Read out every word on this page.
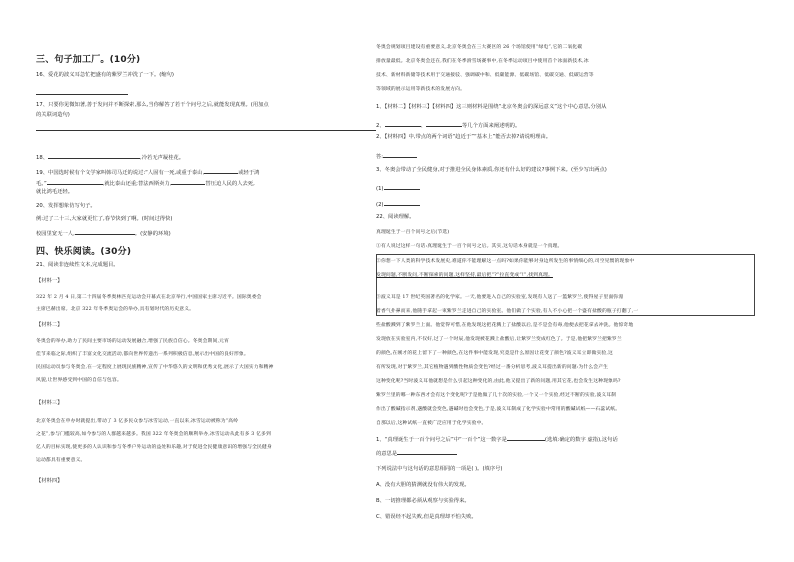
三、句子加工厂。(10分)
16、爱花的波义耳急忙把盛有的紫罗兰冲洗了一下。(缩句)
17、只要你见微知著,善于发问并不断探索,那么,当你解答了若干个问号之后,就能发现真理。(用加点
的关联词造句)
18、	,冷若无声凝桂花。
19、中国选时候有个文学家叫韩司马迁的说过:“人固有一死,或重于泰山,	或轻于鸿
毛。”	,就比泰山还重;替法西斯卖力,	替压迫人民的人去死,
就比鸿毛还轻。
20、发挥想象仿写句子。
例:过了二十三,大家就更忙了,春节快到了啊。(时间过得快)
校园里宽无一人,	。(安静的环境)
四、快乐阅读。(30分)
21、阅读非连续性文本,完成题目。
【材料一】
322 年 2 月 4 日,第二十四届冬季奥林匹克运动会开幕式在北京举行,中国国家主席习近平。国际奥委会
主席巴赫出席。北京 322 年冬季奥运会的举办,具有划时代的历史意义。
【材料二】
冬奥会的举办,助力了民间主要市场的运动发展融合,增强了民族自信心。冬奥会期间,元宵
佳节来临之际,组织了丰富文化交流活动,都向世界传递出一系列积极信息,展示出中国的良好形象。
民国运动员参与冬奥会,在一定程度上展现民族精神,宣传了中华悠久的文明和优秀文化,展示了大国实力和精神
风貌,让世界感受到中国的自信与包容。
【材料三】
北京冬奥会在申办时就提出,带动了 3 亿多民众参与冰雪运动,一直以来,冰雪运动被称为“高岭
之花”,参与门槛较高,如今参与的人群越来越多。我国 322 年冬奥会的顺利举办,冰雪运动从此有多 3 亿多到
亿人的目标实现,使更多的人认识和参与冬季户外运动的益处和乐趣,对于促进全民健康意识的增强与全民健身
运动都具有重要意义。
【材料四】
冬奥会规划项目建设有重要意义,北京冬奥会在三大赛区的 26 个场馆使用“绿电”,它的二氧化碳
排放量最低。北京冬奥会还在,我们在冬季滑雪场赛事中,在冬季运动项目中使用首个冰面新技术,冰
技术、新材料新储等技术用于交通接驳、强调碳中和、低碳能源、低碳场馆、低碳交通、低碳运营等
等领域的展示运用等新技术的发展方向。
1、【材料二】【材料三】【材料四】这三则材料是围绕“北京冬奥会的深远意义”这个中心意思,分别从
2、	、	等几个方面来阐述明的。
2、【材料四】中,带点的两个词语“趋近于”“基本上”能否去掉?请说明理由。
答:
3、冬奥会带动了全民健身,对于推进全民身体素质,你还有什么好的建议?事例下来。(至少写出两点)
(1)
(2)
22、阅读理解。
真理诞生于一百个问号之后(节选)
①有人说过这样一句话:真理诞生于一百个问号之后。其实,这句话本身就是一个真理。
②你想一下人类的科学技术发展史,难道你不能理解这一点吗?如果你能够对身边所发生的事情细心的,司空见惯的现象中
发现问题,不断发问,不断探索的问题,这样坚持,最后把“?”拉直变成“!”,找到真理。
③波义耳是 17 世纪英国著名的化学家。一天,他要进入自己的实验室,发现有人送了一篮紫罗兰,使得屋子里面弥漫
着香气扑鼻而来,他随手拿起一束紫罗兰走进自己的实验室。他们做了个实验,有人不小心把一个盛有盐酸的瓶子打翻了,一
些盐酸溅到了紫罗兰上面。他觉得可惜,在他发现这把花溅上了盐酸以后,是不是会有毒,他便去把花拿去冲洗。他惊奇地
发现放在实验室内,不仅好,过了一个时辰,他发现被花溅上盐酸后,让紫罗兰变成红色了。于是,他把紫罗兰把紫罗兰
的颜色,在刚才的花上留下了一种颜色,在这件事中能发现,究竟是什么原因让花变了颜色?波义耳立即做实验,这
有所发现,对于紫罗兰,其它植物遇到酸性物质会变色?经过一番分析思考,波义耳提出新的问题:为什么会产生
这种变化呢?当时波义耳他就想是什么引起这种变化的,由此,他又提出了新的问题,用其它花,也会发生这种现象吗?
紫罗兰里的哪一种东西才会有这个变化呢?于是他做了几十次的实验,一个又一个实验,经过不断的实验,波义耳制
作出了酸碱指示剂,遇酸就会变色,遇碱时也会变色,于是,波义耳制成了化学实验中常用的酸碱试纸——石蕊试纸。
自那以后,这种试纸一直被广泛应用于化学实验中。
1、“真理诞生于一百个问号之后”中“一百个”这一数字是	(选填:确定的数字 虚指),这句话
的意思是
下列说法中与这句话的意思相同的一项是( )。(填序号)
A、没有大胆的猜测就没有伟大的发现。
B、一切推理都必须从观察与实验得来。
C、错误经不起失败,但是真理却不怕失败。
